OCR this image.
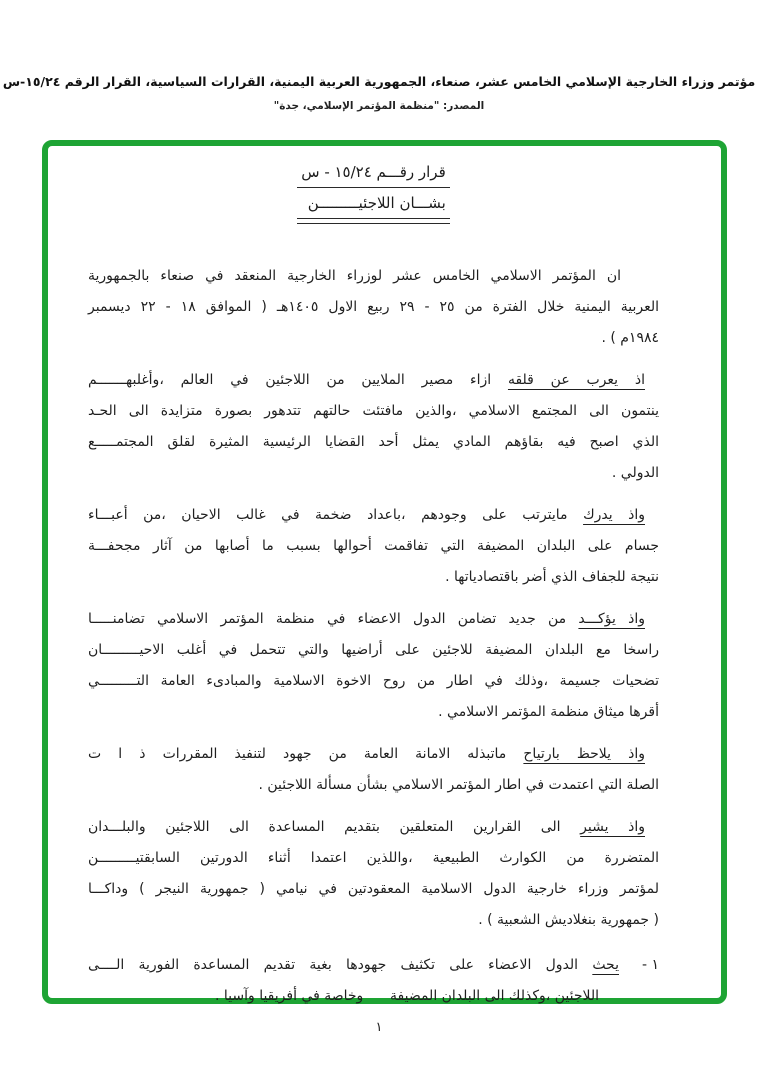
مؤتمر وزراء الخارجية الإسلامي الخامس عشر، صنعاء، الجمهورية العربية اليمنية، القرارات السياسية، القرار الرقم ١٥/٢٤-س
المصدر: "منظمة المؤتمر الإسلامي، جدة"
قرار رقـــم ١٥/٢٤ - س
بشـــان اللاجئيـــــــــن
ان المؤتمر الاسلامي الخامس عشر لوزراء الخارجية المنعقد في صنعاء بالجمهورية
العربية اليمنية خلال الفترة من ٢٥ - ٢٩ ربيع الاول ١٤٠٥هـ ( الموافق ١٨ - ٢٢ ديسمبر
١٩٨٤م ) .
اذ يعرب عن قلقه ازاء مصير الملايين من اللاجئين في العالم ،وأغلبهـــــــم
ينتمون الى المجتمع الاسلامي ،والذين مافتئت حالتهم تتدهور بصورة متزايدة الى الحـد
الذي اصبح فيه بقاؤهم المادي يمثل أحد القضايا الرئيسية المثيرة لقلق المجتمـــــع
الدولي .
واذ يدرك مايترتب على وجودهم ،باعداد ضخمة في غالب الاحيان ،من أعبـــاء
جسام على البلدان المضيفة التي تفاقمت أحوالها بسبب ما أصابها من آثار مجحفـــة
نتيجة للجفاف الذي أضر باقتصادياتها .
واذ يؤكـــد من جديد تضامن الدول الاعضاء في منظمة المؤتمر الاسلامي تضامنـــــا
راسخا مع البلدان المضيفة للاجئين على أراضيها والتي تتحمل في أغلب الاحيـــــــــان
تضحيات جسيمة ،وذلك في اطار من روح الاخوة الاسلامية والمبادىء العامة التـــــــــي
أقرها ميثاق منظمة المؤتمر الاسلامي .
واذ يلاحظ بارتياح ماتبذله الامانة العامة من جهود لتنفيذ المقررات ذ ا ت
الصلة التي اعتمدت في اطار المؤتمر الاسلامي بشأن مسألة اللاجئين .
واذ يشير الى القرارين المتعلقين بتقديم المساعدة الى اللاجئين والبلـــدان
المتضررة من الكوارث الطبيعية ،واللذين اعتمدا أثناء الدورتين السابقتيـــــــــن
لمؤتمر وزراء خارجية الدول الاسلامية المعقودتين في نيامي ( جمهورية النيجر ) وداكـــا
( جمهورية بنغلاديش الشعبية ) .
١ -
يحث الدول الاعضاء على تكثيف جهودها بغية تقديم المساعدة الفورية الــــى
اللاجئين ،وكذلك الى البلدان المضيفة      وخاصة في أفريقيا وآسيا .
١
